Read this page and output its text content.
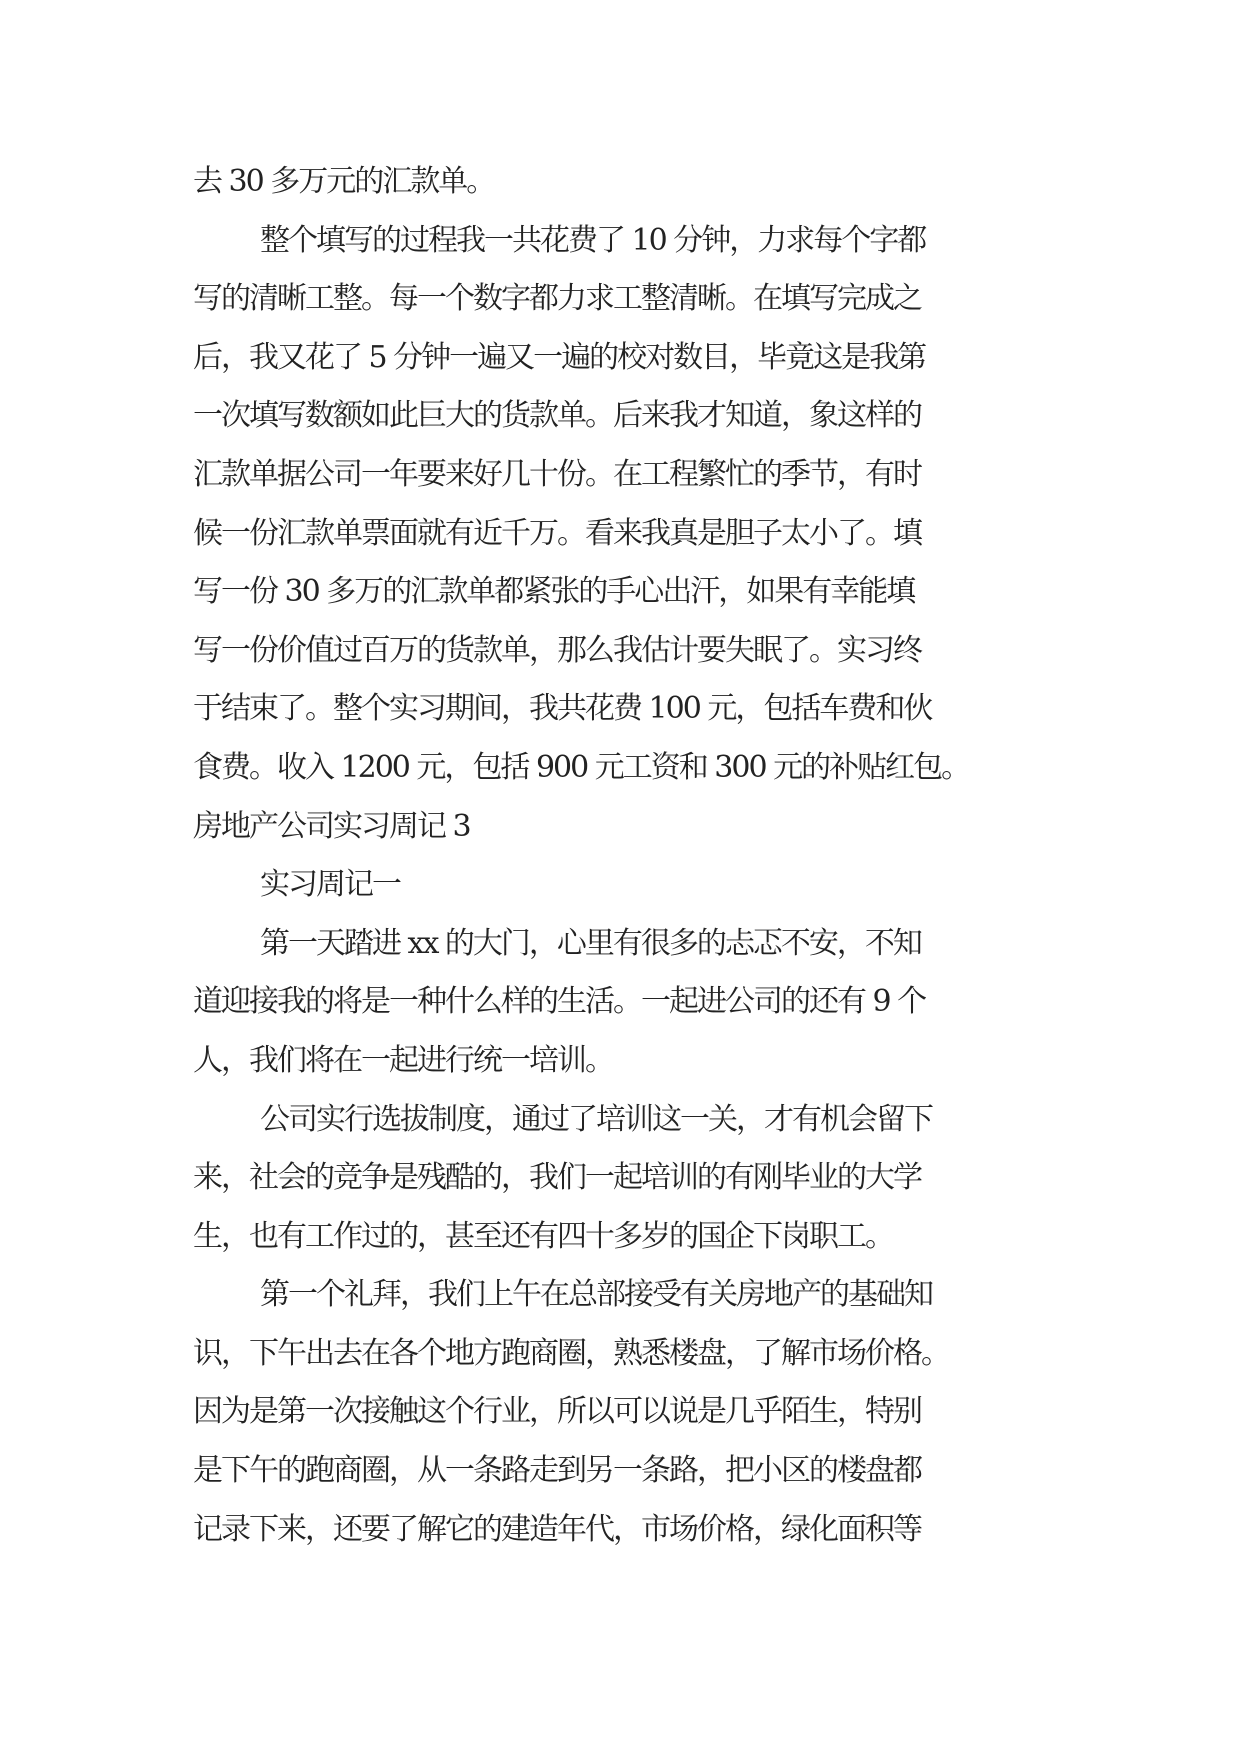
去 30 多万元的汇款单。
整个填写的过程我一共花费了 10 分钟，力求每个字都
写的清晰工整。每一个数字都力求工整清晰。在填写完成之
后，我又花了 5 分钟一遍又一遍的校对数目，毕竟这是我第
一次填写数额如此巨大的货款单。后来我才知道，象这样的
汇款单据公司一年要来好几十份。在工程繁忙的季节，有时
候一份汇款单票面就有近千万。看来我真是胆子太小了。填
写一份 30 多万的汇款单都紧张的手心出汗，如果有幸能填
写一份价值过百万的货款单，那么我估计要失眠了。实习终
于结束了。整个实习期间，我共花费 100 元，包括车费和伙
食费。收入 1200 元，包括 900 元工资和 300 元的补贴红包。
房地产公司实习周记 3
实习周记一
第一天踏进 xx 的大门，心里有很多的忐忑不安，不知
道迎接我的将是一种什么样的生活。一起进公司的还有 9 个
人，我们将在一起进行统一培训。
公司实行选拔制度，通过了培训这一关，才有机会留下
来，社会的竞争是残酷的，我们一起培训的有刚毕业的大学
生，也有工作过的，甚至还有四十多岁的国企下岗职工。
第一个礼拜，我们上午在总部接受有关房地产的基础知
识，下午出去在各个地方跑商圈，熟悉楼盘，了解市场价格。
因为是第一次接触这个行业，所以可以说是几乎陌生，特别
是下午的跑商圈，从一条路走到另一条路，把小区的楼盘都
记录下来，还要了解它的建造年代，市场价格，绿化面积等
